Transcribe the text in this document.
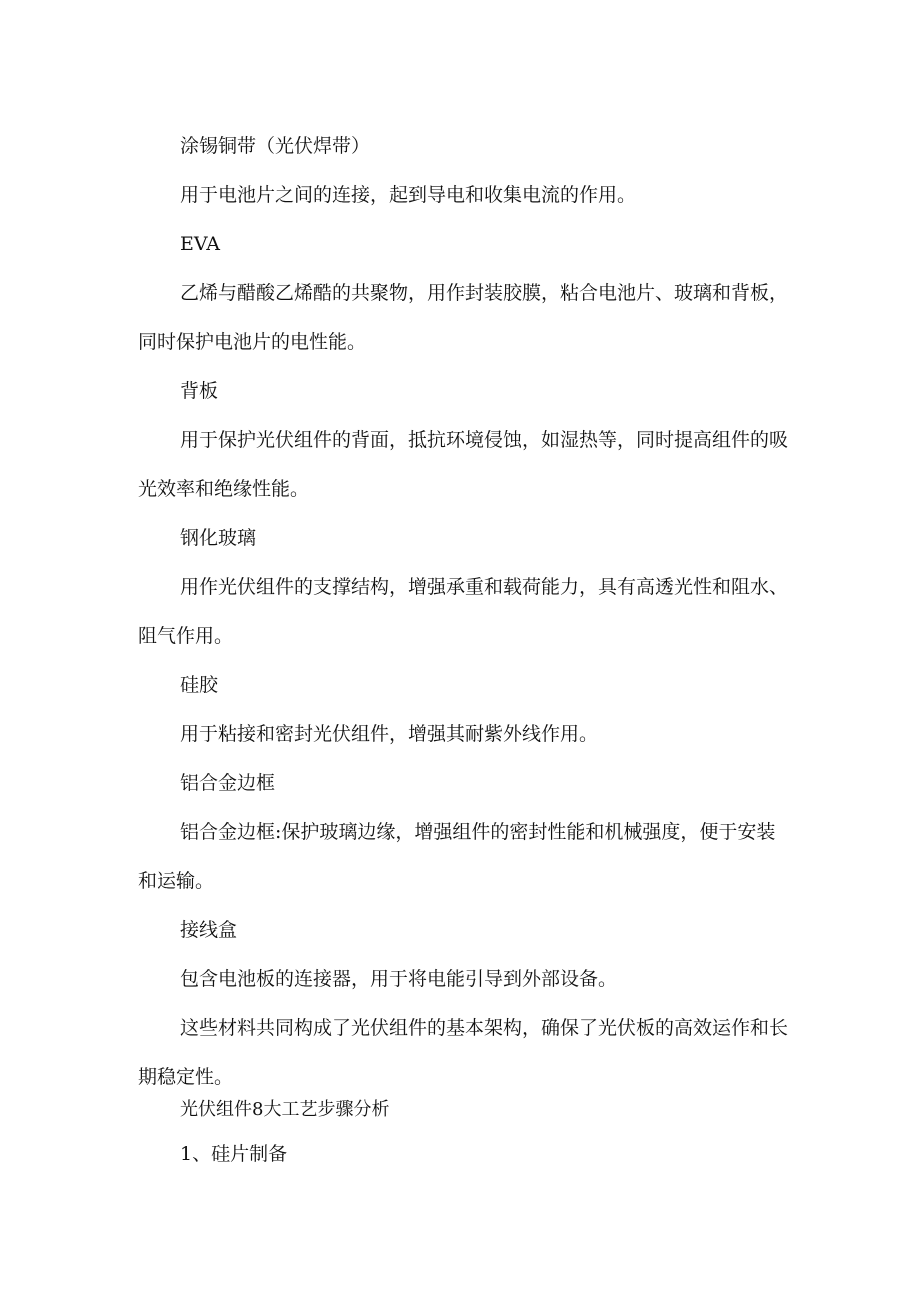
涂锡铜带（光伏焊带）

用于电池片之间的连接，起到导电和收集电流的作用。

EVA

乙烯与醋酸乙烯酷的共聚物，用作封装胶膜，粘合电池片、玻璃和背板，同时保护电池片的电性能。

背板

用于保护光伏组件的背面，抵抗环境侵蚀，如湿热等，同时提高组件的吸光效率和绝缘性能。

钢化玻璃

用作光伏组件的支撑结构，增强承重和载荷能力，具有高透光性和阻水、阻气作用。

硅胶

用于粘接和密封光伏组件，增强其耐紫外线作用。

铝合金边框

铝合金边框:保护玻璃边缘，增强组件的密封性能和机械强度，便于安装和运输。

接线盒

包含电池板的连接器，用于将电能引导到外部设备。

这些材料共同构成了光伏组件的基本架构，确保了光伏板的高效运作和长期稳定性。

光伏组件8大工艺步骤分析

1、硅片制备
